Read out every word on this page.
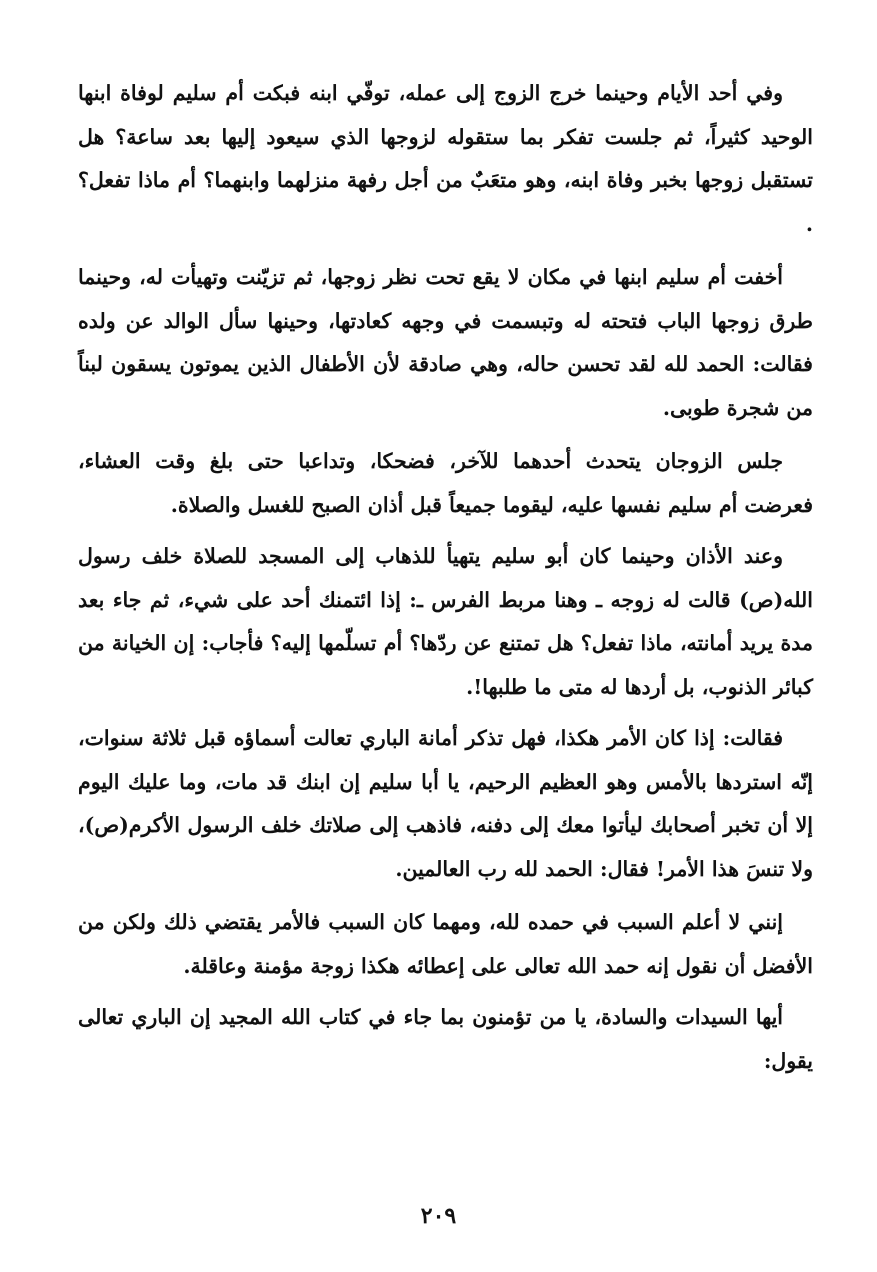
وفي أحد الأيام وحينما خرج الزوج إلى عمله، توفّي ابنه فبكت أم سليم لوفاة ابنها الوحيد كثيراً، ثم جلست تفكر بما ستقوله لزوجها الذي سيعود إليها بعد ساعة؟ هل تستقبل زوجها بخبر وفاة ابنه، وهو متعَبٌ من أجل رفهة منزلهما وابنهما؟ أم ماذا تفعل؟ .

أخفت أم سليم ابنها في مكان لا يقع تحت نظر زوجها، ثم تزيّنت وتهيأت له، وحينما طرق زوجها الباب فتحته له وتبسمت في وجهه كعادتها، وحينها سأل الوالد عن ولده فقالت: الحمد لله لقد تحسن حاله، وهي صادقة لأن الأطفال الذين يموتون يسقون لبناً من شجرة طوبى.

جلس الزوجان يتحدث أحدهما للآخر، فضحكا، وتداعبا حتى بلغ وقت العشاء، فعرضت أم سليم نفسها عليه، ليقوما جميعاً قبل أذان الصبح للغسل والصلاة.

وعند الأذان وحينما كان أبو سليم يتهيأ للذهاب إلى المسجد للصلاة خلف رسول الله(ص) قالت له زوجه ـ وهنا مربط الفرس ـ: إذا ائتمنك أحد على شيء، ثم جاء بعد مدة يريد أمانته، ماذا تفعل؟ هل تمتنع عن ردّها؟ أم تسلّمها إليه؟ فأجاب: إن الخيانة من كبائر الذنوب، بل أردها له متى ما طلبها!.

فقالت: إذا كان الأمر هكذا، فهل تذكر أمانة الباري تعالت أسماؤه قبل ثلاثة سنوات، إنّه استردها بالأمس وهو العظيم الرحيم، يا أبا سليم إن ابنك قد مات، وما عليك اليوم إلا أن تخبر أصحابك ليأتوا معك إلى دفنه، فاذهب إلى صلاتك خلف الرسول الأكرم(ص)، ولا تنسَ هذا الأمر! فقال: الحمد لله رب العالمين.

إنني لا أعلم السبب في حمده لله، ومهما كان السبب فالأمر يقتضي ذلك ولكن من الأفضل أن نقول إنه حمد الله تعالى على إعطائه هكذا زوجة مؤمنة وعاقلة.

أيها السيدات والسادة، يا من تؤمنون بما جاء في كتاب الله المجيد إن الباري تعالى يقول:

٢٠٩
